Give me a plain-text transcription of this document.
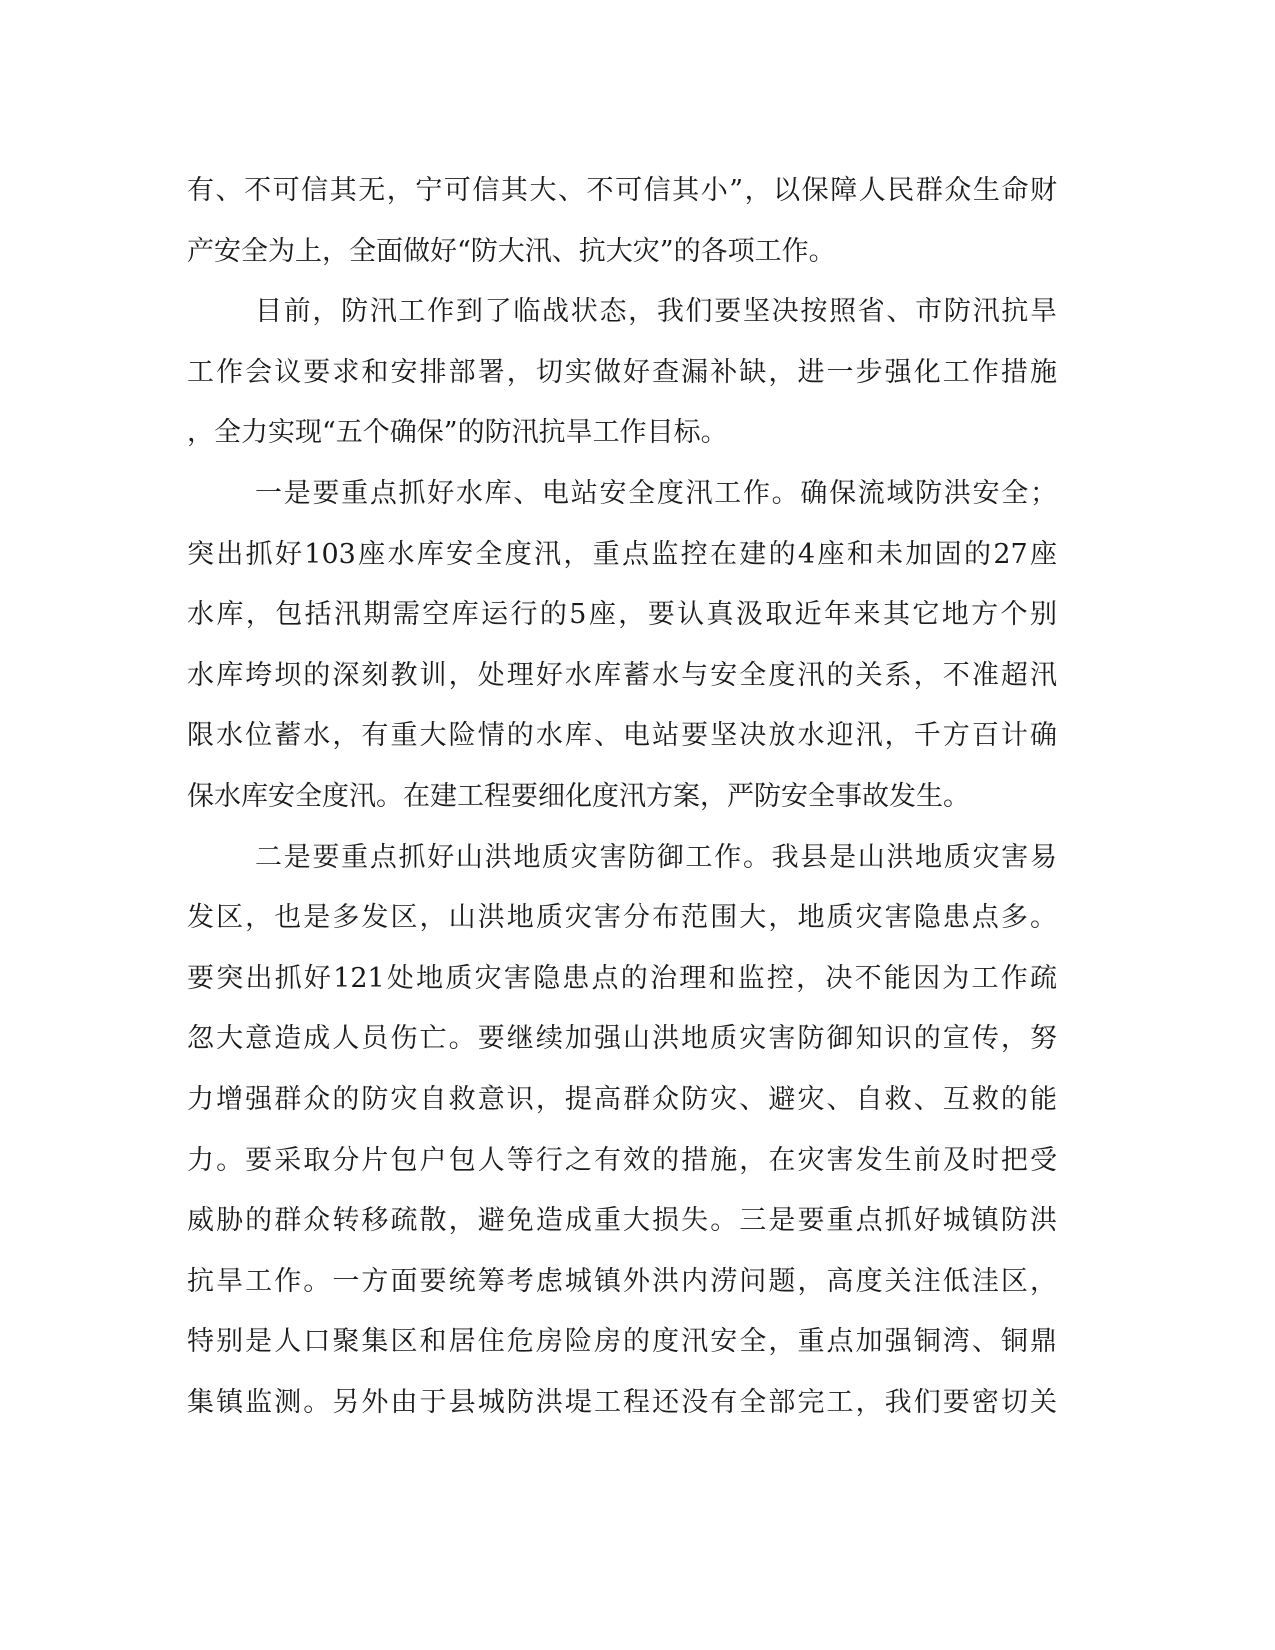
有、不可信其无，宁可信其大、不可信其小”，以保障人民群众生命财
产安全为上，全面做好“防大汛、抗大灾”的各项工作。
目前，防汛工作到了临战状态，我们要坚决按照省、市防汛抗旱
工作会议要求和安排部署，切实做好查漏补缺，进一步强化工作措施
，全力实现“五个确保”的防汛抗旱工作目标。
一是要重点抓好水库、电站安全度汛工作。确保流域防洪安全；
突出抓好103座水库安全度汛，重点监控在建的4座和未加固的27座
水库，包括汛期需空库运行的5座，要认真汲取近年来其它地方个别
水库垮坝的深刻教训，处理好水库蓄水与安全度汛的关系，不准超汛
限水位蓄水，有重大险情的水库、电站要坚决放水迎汛，千方百计确
保水库安全度汛。在建工程要细化度汛方案，严防安全事故发生。
二是要重点抓好山洪地质灾害防御工作。我县是山洪地质灾害易
发区，也是多发区，山洪地质灾害分布范围大，地质灾害隐患点多。
要突出抓好121处地质灾害隐患点的治理和监控，决不能因为工作疏
忽大意造成人员伤亡。要继续加强山洪地质灾害防御知识的宣传，努
力增强群众的防灾自救意识，提高群众防灾、避灾、自救、互救的能
力。要采取分片包户包人等行之有效的措施，在灾害发生前及时把受
威胁的群众转移疏散，避免造成重大损失。三是要重点抓好城镇防洪
抗旱工作。一方面要统筹考虑城镇外洪内涝问题，高度关注低洼区，
特别是人口聚集区和居住危房险房的度汛安全，重点加强铜湾、铜鼎
集镇监测。另外由于县城防洪堤工程还没有全部完工，我们要密切关
